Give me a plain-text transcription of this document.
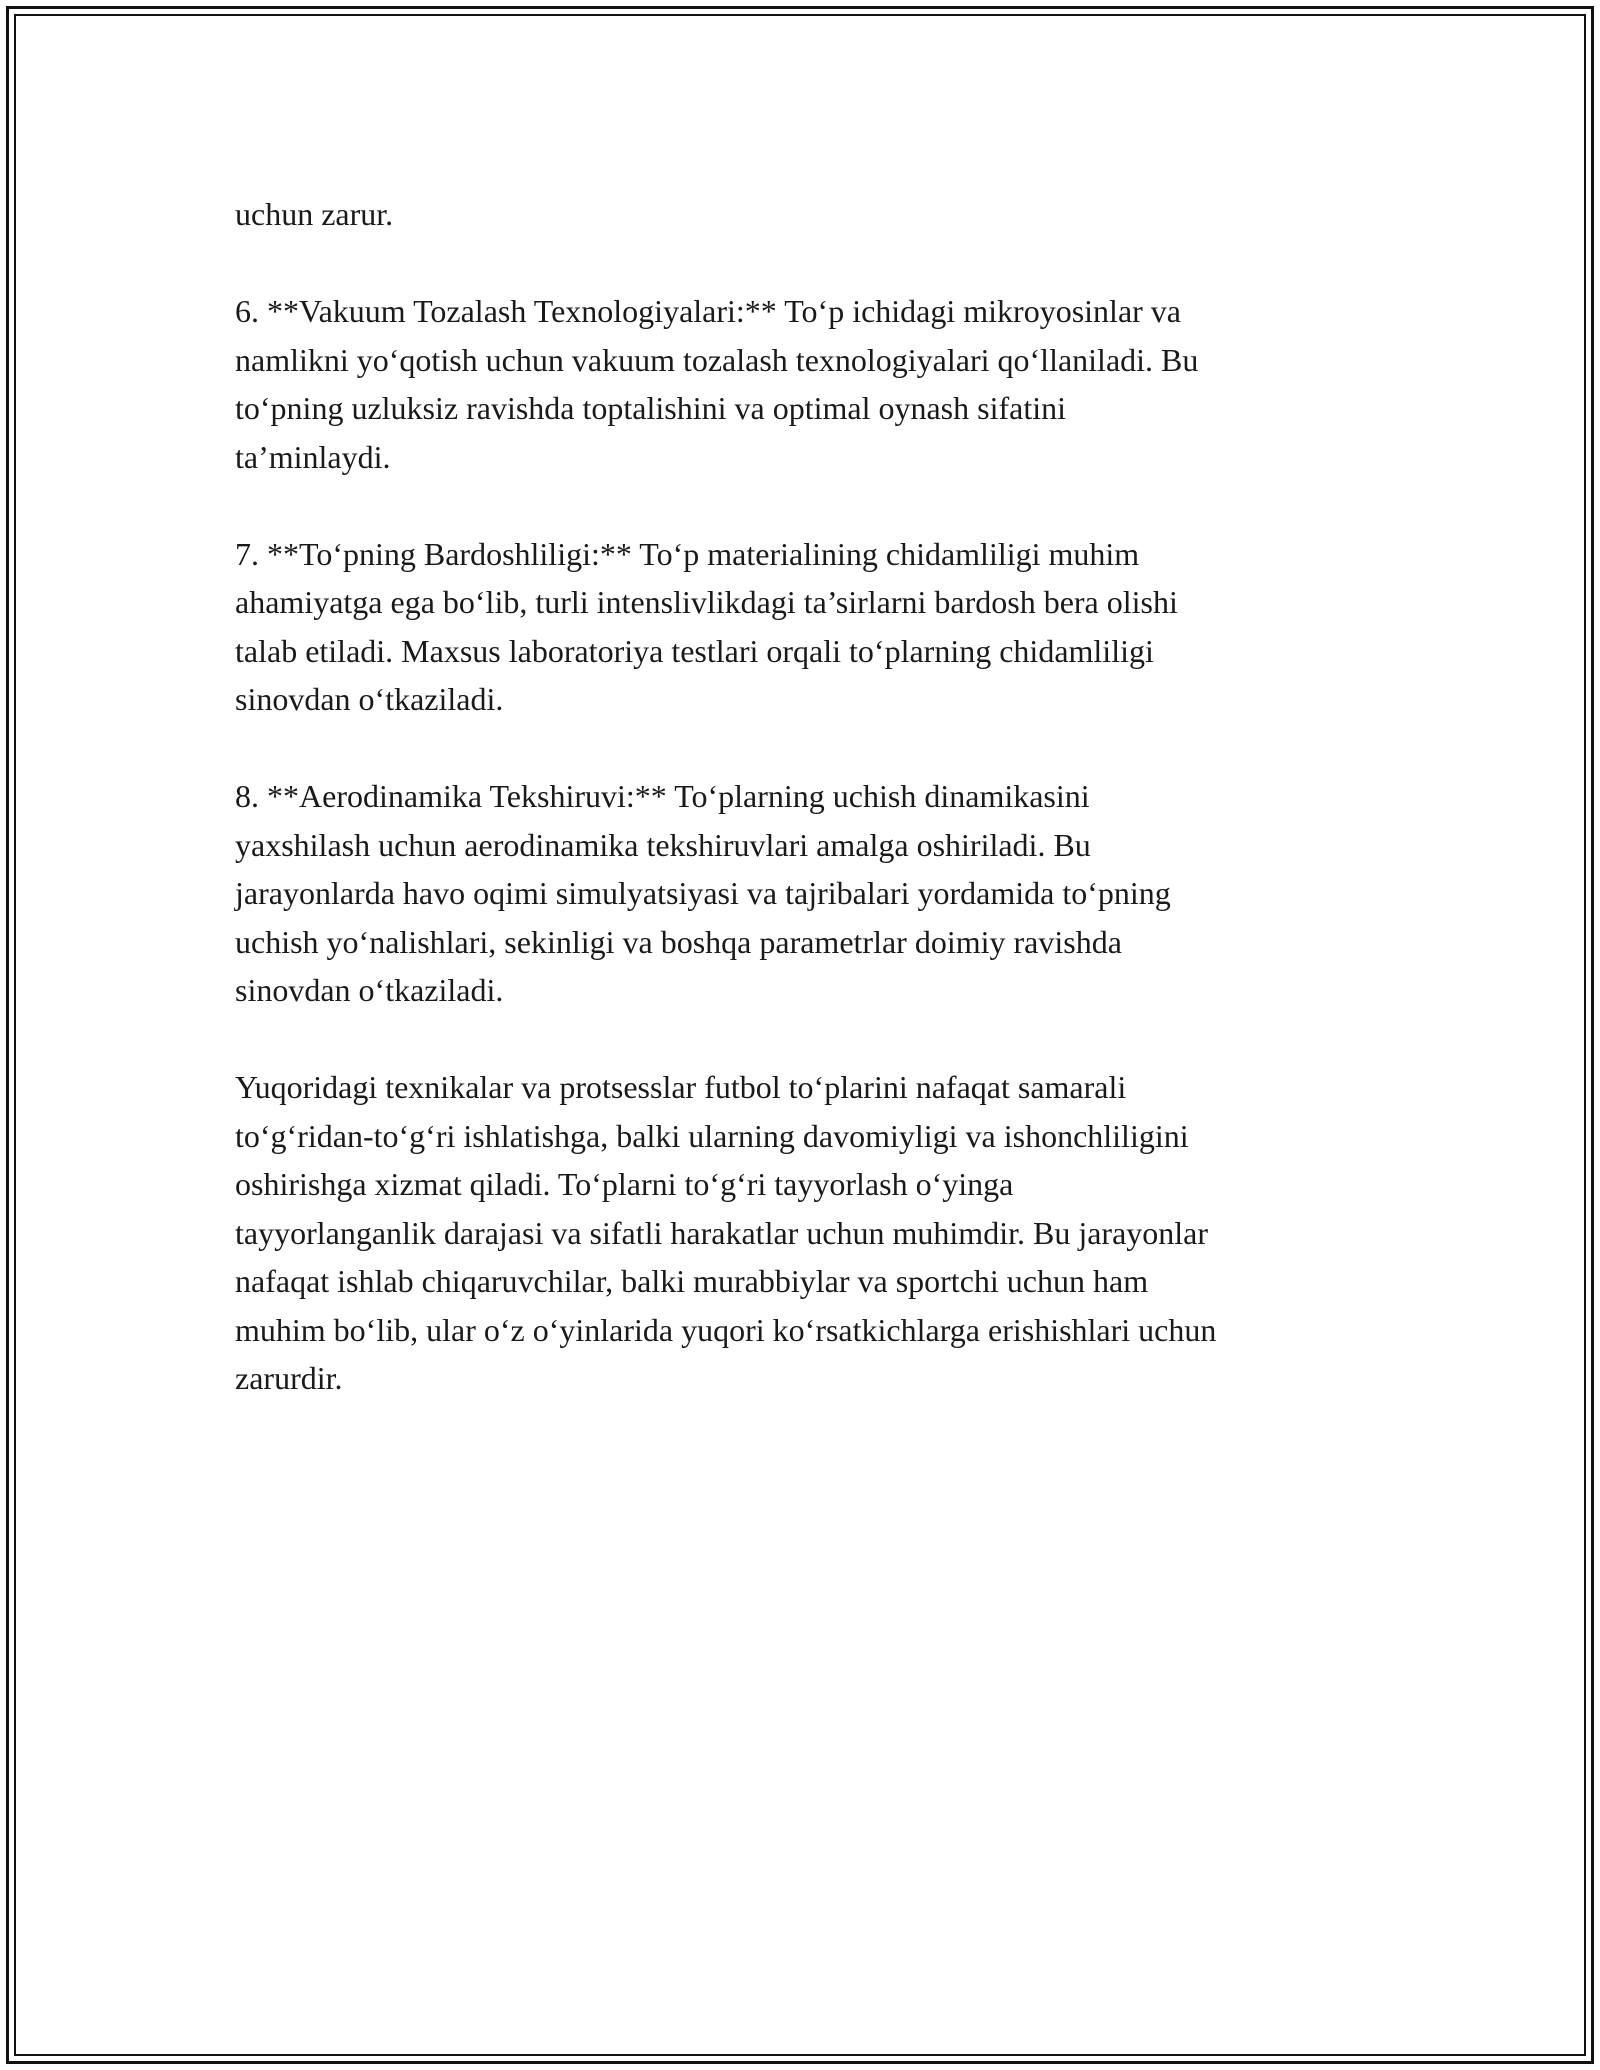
uchun zarur.

6. **Vakuum Tozalash Texnologiyalari:** To‘p ichidagi mikroyosinlar va
namlikni yo‘qotish uchun vakuum tozalash texnologiyalari qo‘llaniladi. Bu
to‘pning uzluksiz ravishda toptalishini va optimal oynash sifatini
ta’minlaydi.

7. **To‘pning Bardoshliligi:** To‘p materialining chidamliligi muhim
ahamiyatga ega bo‘lib, turli intenslivlikdagi ta’sirlarni bardosh bera olishi
talab etiladi. Maxsus laboratoriya testlari orqali to‘plarning chidamliligi
sinovdan o‘tkaziladi.

8. **Aerodinamika Tekshiruvi:** To‘plarning uchish dinamikasini
yaxshilash uchun aerodinamika tekshiruvlari amalga oshiriladi. Bu
jarayonlarda havo oqimi simulyatsiyasi va tajribalari yordamida to‘pning
uchish yo‘nalishlari, sekinligi va boshqa parametrlar doimiy ravishda
sinovdan o‘tkaziladi.

Yuqoridagi texnikalar va protsesslar futbol to‘plarini nafaqat samarali
to‘g‘ridan-to‘g‘ri ishlatishga, balki ularning davomiyligi va ishonchliligini
oshirishga xizmat qiladi. To‘plarni to‘g‘ri tayyorlash o‘yinga
tayyorlanganlik darajasi va sifatli harakatlar uchun muhimdir. Bu jarayonlar
nafaqat ishlab chiqaruvchilar, balki murabbiylar va sportchi uchun ham
muhim bo‘lib, ular o‘z o‘yinlarida yuqori ko‘rsatkichlarga erishishlari uchun
zarurdir.
